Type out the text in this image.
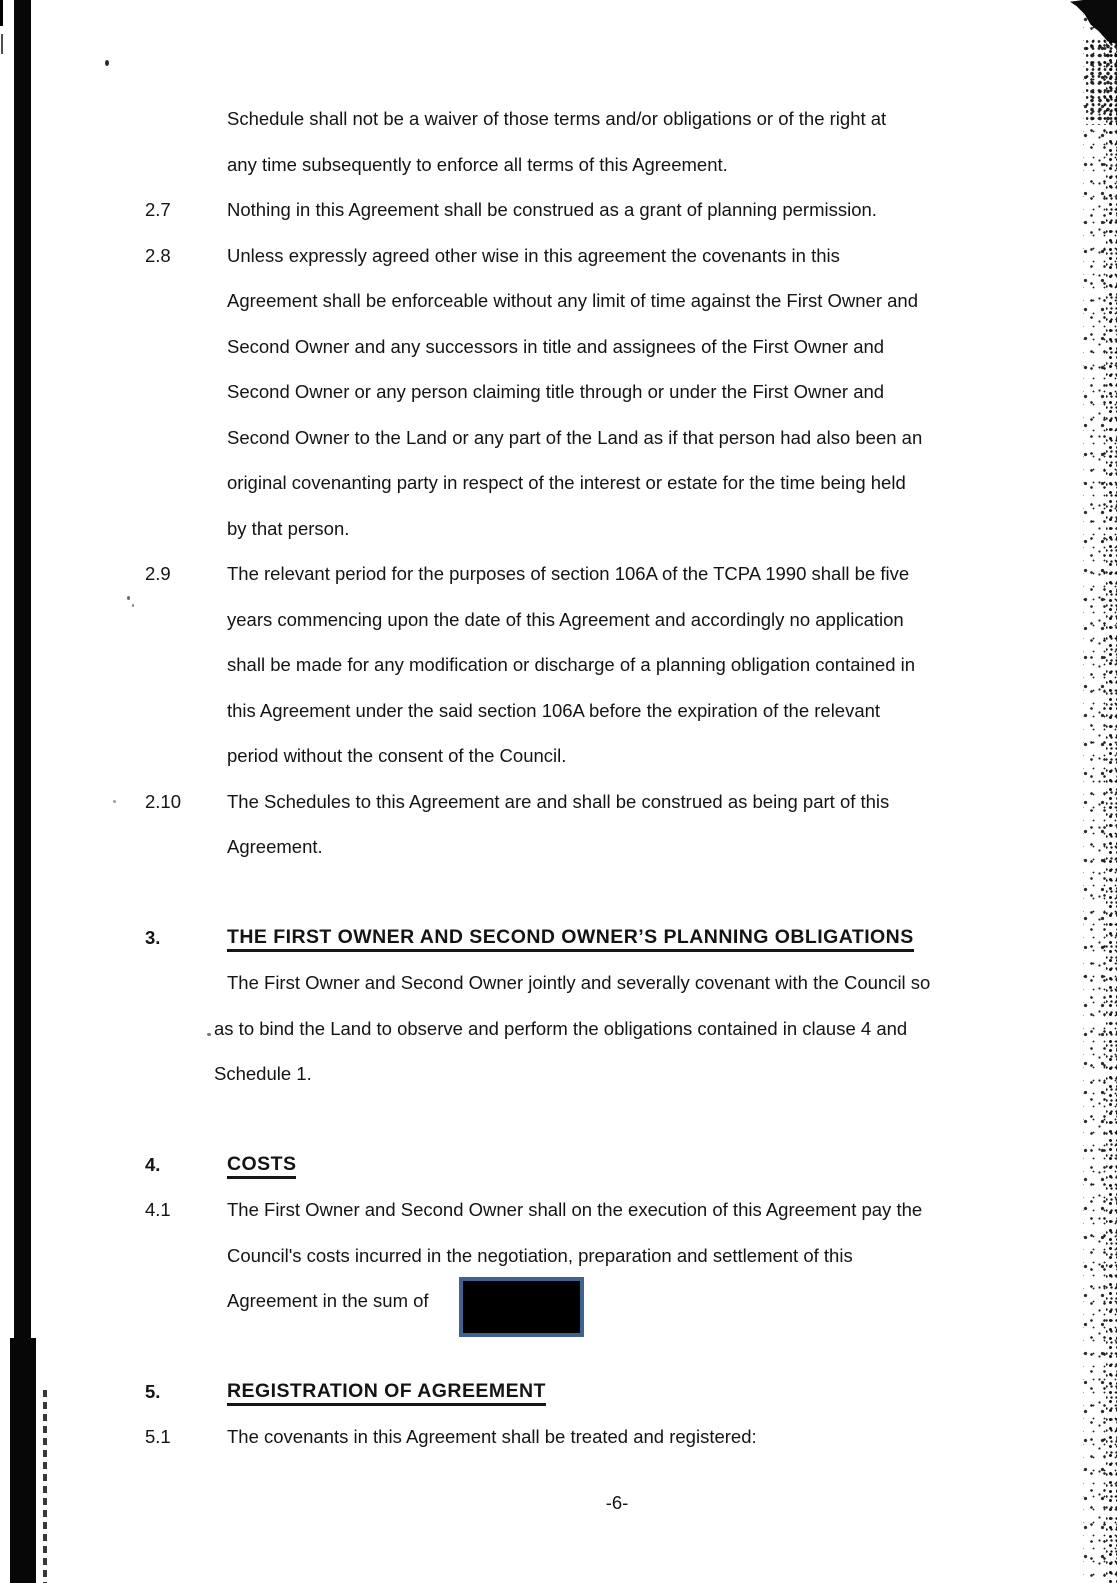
Schedule shall not be a waiver of those terms and/or obligations or of the right at
any time subsequently to enforce all terms of this Agreement.
2.7	Nothing in this Agreement shall be construed as a grant of planning permission.
2.8	Unless expressly agreed other wise in this agreement the covenants in this
Agreement shall be enforceable without any limit of time against the First Owner and
Second Owner and any successors in title and assignees of the First Owner and
Second Owner or any person claiming title through or under the First Owner and
Second Owner to the Land or any part of the Land as if that person had also been an
original covenanting party in respect of the interest or estate for the time being held
by that person.
2.9	The relevant period for the purposes of section 106A of the TCPA 1990 shall be five
years commencing upon the date of this Agreement and accordingly no application
shall be made for any modification or discharge of a planning obligation contained in
this Agreement under the said section 106A before the expiration of the relevant
period without the consent of the Council.
2.10	The Schedules to this Agreement are and shall be construed as being part of this
Agreement.
3.	THE FIRST OWNER AND SECOND OWNER’S PLANNING OBLIGATIONS
The First Owner and Second Owner jointly and severally covenant with the Council so
as to bind the Land to observe and perform the obligations contained in clause 4 and
Schedule 1.
4.	COSTS
4.1	The First Owner and Second Owner shall on the execution of this Agreement pay the
Council's costs incurred in the negotiation, preparation and settlement of this
Agreement in the sum of
5.	REGISTRATION OF AGREEMENT
5.1	The covenants in this Agreement shall be treated and registered:
-6-
